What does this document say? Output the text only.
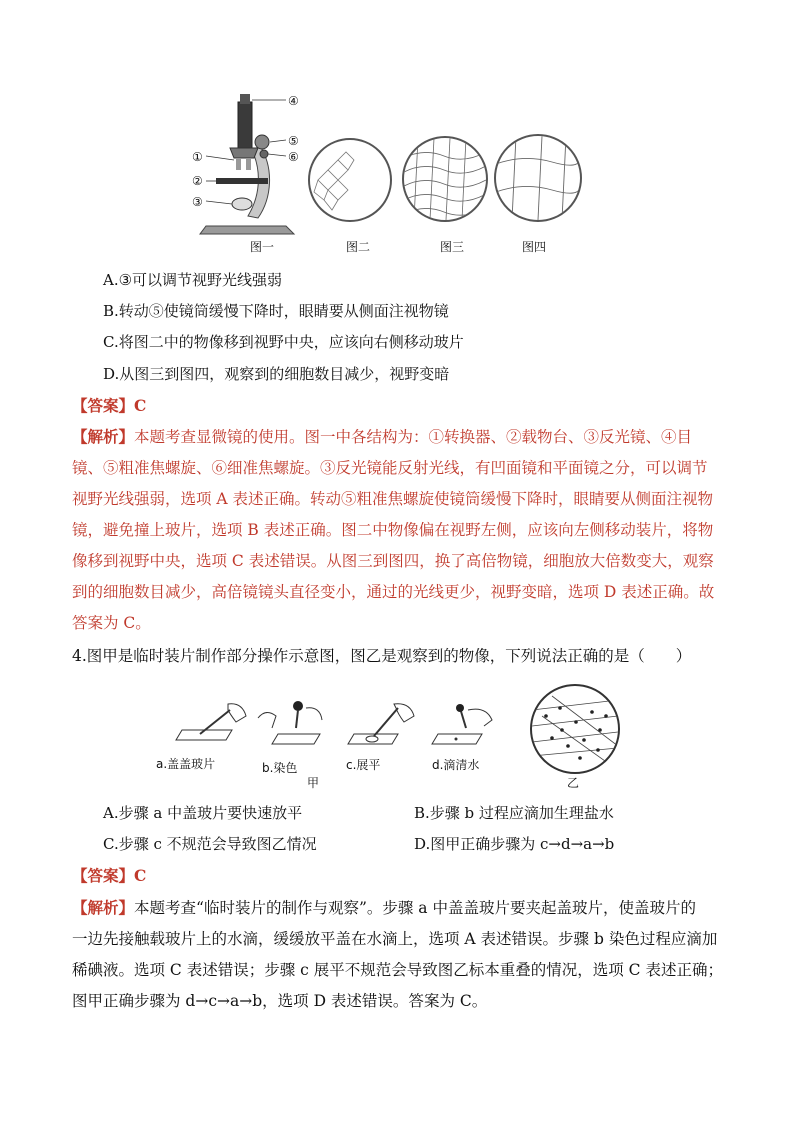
④
⑤
⑥
①
②
③
图一	图二	图三	图四
A.③可以调节视野光线强弱
B.转动⑤使镜筒缓慢下降时，眼睛要从侧面注视物镜
C.将图二中的物像移到视野中央，应该向右侧移动玻片
D.从图三到图四，观察到的细胞数目减少，视野变暗
【答案】C
【解析】本题考查显微镜的使用。图一中各结构为：①转换器、②载物台、③反光镜、④目
镜、⑤粗准焦螺旋、⑥细准焦螺旋。③反光镜能反射光线，有凹面镜和平面镜之分，可以调节
视野光线强弱，选项 A 表述正确。转动⑤粗准焦螺旋使镜筒缓慢下降时，眼睛要从侧面注视物
镜，避免撞上玻片，选项 B 表述正确。图二中物像偏在视野左侧，应该向左侧移动装片，将物
像移到视野中央，选项 C 表述错误。从图三到图四，换了高倍物镜，细胞放大倍数变大，观察
到的细胞数目减少，高倍镜镜头直径变小，通过的光线更少，视野变暗，选项 D 表述正确。故
答案为 C。
4.图甲是临时装片制作部分操作示意图，图乙是观察到的物像，下列说法正确的是（　　）
a.盖盖玻片	b.染色	c.展平	d.滴清水
甲	乙
A.步骤 a 中盖玻片要快速放平	B.步骤 b 过程应滴加生理盐水
C.步骤 c 不规范会导致图乙情况	D.图甲正确步骤为 c→d→a→b
【答案】C
【解析】本题考查“临时装片的制作与观察”。步骤 a 中盖盖玻片要夹起盖玻片，使盖玻片的
一边先接触载玻片上的水滴，缓缓放平盖在水滴上，选项 A 表述错误。步骤 b 染色过程应滴加
稀碘液。选项 C 表述错误；步骤 c 展平不规范会导致图乙标本重叠的情况，选项 C 表述正确；
图甲正确步骤为 d→c→a→b，选项 D 表述错误。答案为 C。
